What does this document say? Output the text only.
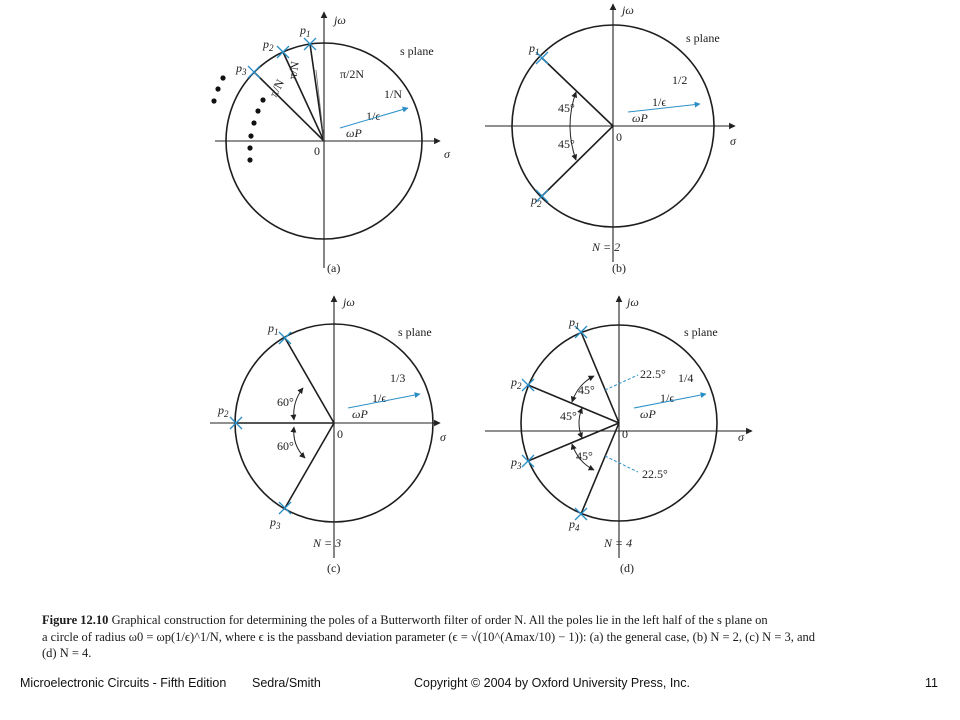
jω
σ
0
s plane
$p_1$
$p_2$
$p_3$	π/N
π/N
π/2N
ωP
1/ϵ
1/N
(a)
jω
σ
0
s plane
$p_1$
$p_2$
45°
45°
ωP
1/ϵ
1/2
N = 2
(b)
jω
σ
0
s plane
$p_1$
$p_2$
$p_3$
60°
60°
ωP
1/ϵ
1/3
N = 3
(c)
jω
σ
0
s plane
$p_1$
$p_2$
$p_3$
$p_4$
45°
45°
45°
22.5°
22.5°
ωP
1/ϵ
1/4
N = 4
(d)
Figure 12.10 Graphical construction for determining the poles of a Butterworth filter of order N. All the poles lie in the left half of the s plane on
a circle of radius ω0 = ωp(1/ϵ)^1/N, where ϵ is the passband deviation parameter (ϵ = √(10^(Amax/10) − 1)): (a) the general case, (b) N = 2, (c) N = 3, and
(d) N = 4.
Microelectronic Circuits - Fifth Edition Sedra/Smith	Copyright © 2004 by Oxford University Press, Inc.	11
